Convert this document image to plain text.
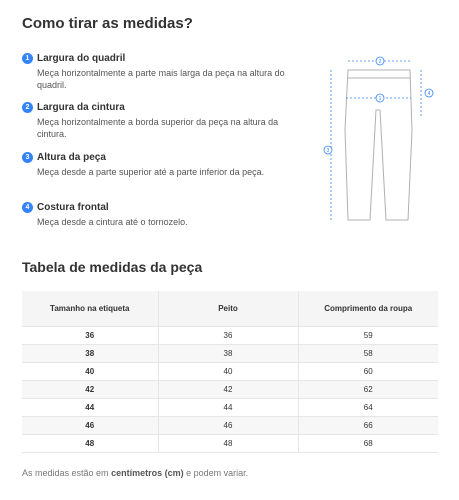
Como tirar as medidas?
1 Largura do quadril
Meça horizontalmente a parte mais larga da peça na altura do quadril.
2 Largura da cintura
Meça horizontalmente a borda superior da peça na altura da cintura.
3 Altura da peça
Meça desde a parte superior até a parte inferior da peça.
4 Costura frontal
Meça desde a cintura até o tornozelo.
1
2
3
4
Tabela de medidas da peça
Tamanho na etiqueta	Peito	Comprimento da roupa
36	36	59
38	38	58
40	40	60
42	42	62
44	44	64
46	46	66
48	48	68
As medidas estão em centímetros (cm) e podem variar.
